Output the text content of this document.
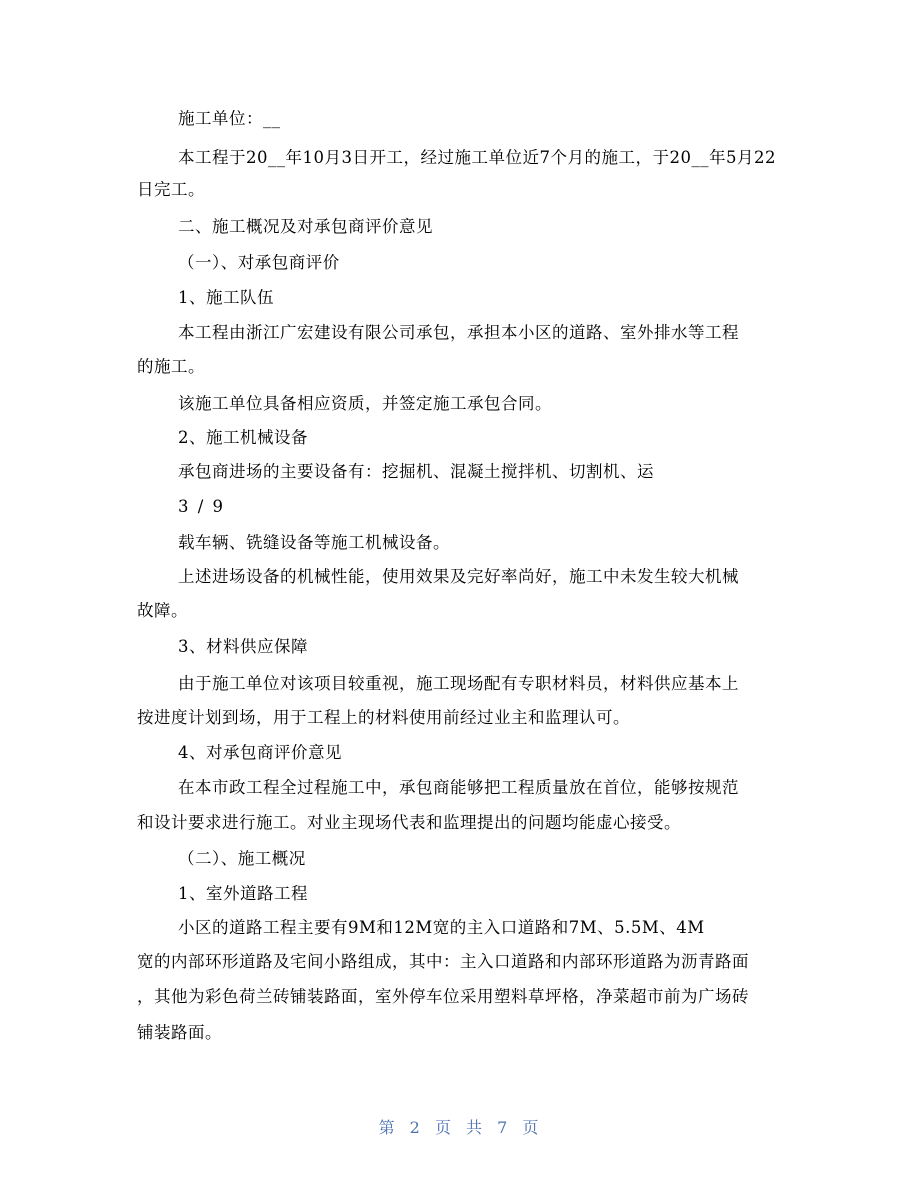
施工单位：__
本工程于20__年10月3日开工，经过施工单位近7个月的施工，于20__年5月22
日完工。
二、施工概况及对承包商评价意见
（一）、对承包商评价
1、施工队伍
本工程由浙江广宏建设有限公司承包，承担本小区的道路、室外排水等工程
的施工。
该施工单位具备相应资质，并签定施工承包合同。
2、施工机械设备
承包商进场的主要设备有：挖掘机、混凝土搅拌机、切割机、运
3 / 9
载车辆、铣缝设备等施工机械设备。
上述进场设备的机械性能，使用效果及完好率尚好，施工中未发生较大机械
故障。
3、材料供应保障
由于施工单位对该项目较重视，施工现场配有专职材料员，材料供应基本上
按进度计划到场，用于工程上的材料使用前经过业主和监理认可。
4、对承包商评价意见
在本市政工程全过程施工中，承包商能够把工程质量放在首位，能够按规范
和设计要求进行施工。对业主现场代表和监理提出的问题均能虚心接受。
（二）、施工概况
1、室外道路工程
小区的道路工程主要有9M和12M宽的主入口道路和7M、5.5M、4M
宽的内部环形道路及宅间小路组成，其中：主入口道路和内部环形道路为沥青路面
，其他为彩色荷兰砖铺装路面，室外停车位采用塑料草坪格，净菜超市前为广场砖
铺装路面。
第 2 页 共 7 页
